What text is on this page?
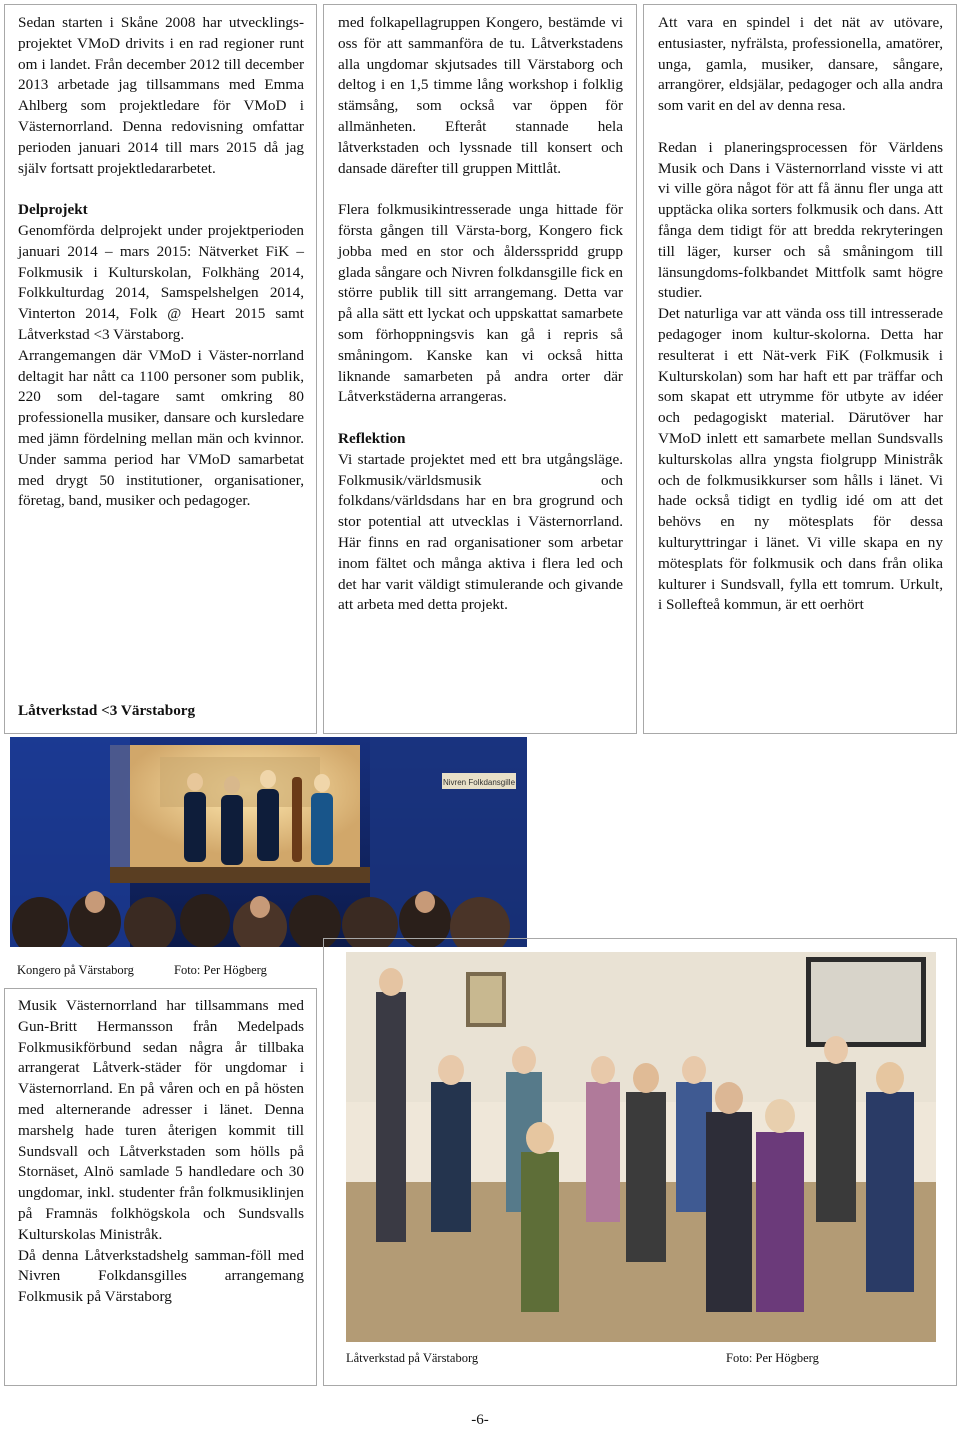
Sedan starten i Skåne 2008 har utvecklings-projektet VMoD drivits i en rad regioner runt om i landet. Från december 2012 till december 2013 arbetade jag tillsammans med Emma Ahlberg som projektledare för VMoD i Västernorrland. Denna redovisning omfattar perioden januari 2014 till mars 2015 då jag själv fortsatt projektledararbetet.

Delprojekt

Genomförda delprojekt under projektperioden januari 2014 – mars 2015: Nätverket FiK – Folkmusik i Kulturskolan, Folkhäng 2014, Folkkulturdag 2014, Samspelshelgen 2014, Vinterton 2014, Folk @ Heart 2015 samt Låtverkstad <3 Värstaborg.

Arrangemangen där VMoD i Väster-norrland deltagit har nått ca 1100 personer som publik, 220 som del-tagare samt omkring 80 professionella musiker, dansare och kursledare med jämn fördelning mellan män och kvinnor. Under samma period har VMoD samarbetat med drygt 50 institutioner, organisationer, företag, band, musiker och pedagoger.

Låtverkstad <3 Värstaborg

med folkapellagruppen Kongero, bestämde vi oss för att sammanföra de tu. Låtverkstadens alla ungdomar skjutsades till Värstaborg och deltog i en 1,5 timme lång workshop i folklig stämsång, som också var öppen för allmänheten. Efteråt stannade hela låtverkstaden och lyssnade till konsert och dansade därefter till gruppen Mittlåt.

Flera folkmusikintresserade unga hittade för första gången till Värsta-borg, Kongero fick jobba med en stor och åldersspridd grupp glada sångare och Nivren folkdansgille fick en större publik till sitt arrangemang. Detta var på alla sätt ett lyckat och uppskattat samarbete som förhoppningsvis kan gå i repris så småningom. Kanske kan vi också hitta liknande samarbeten på andra orter där Låtverkstäderna arrangeras.

Reflektion

Vi startade projektet med ett bra utgångsläge. Folkmusik/världsmusik och folkdans/världsdans har en bra grogrund och stor potential att utvecklas i Västernorrland. Här finns en rad organisationer som arbetar inom fältet och många aktiva i flera led och det har varit väldigt stimulerande och givande att arbeta med detta projekt.

Att vara en spindel i det nät av utövare, entusiaster, nyfrälsta, professionella, amatörer, unga, gamla, musiker, dansare, sångare, arrangörer, eldsjälar, pedagoger och alla andra som varit en del av denna resa.

Redan i planeringsprocessen för Världens Musik och Dans i Västernorrland visste vi att vi ville göra något för att få ännu fler unga att upptäcka olika sorters folkmusik och dans. Att fånga dem tidigt för att bredda rekryteringen till läger, kurser och så småningom till länsungdoms-folkbandet Mittfolk samt högre studier.

Det naturliga var att vända oss till intresserade pedagoger inom kultur-skolorna. Detta har resulterat i ett Nät-verk FiK (Folkmusik i Kulturskolan) som har haft ett par träffar och som skapat ett utrymme för utbyte av idéer och pedagogiskt material. Därutöver har VMoD inlett ett samarbete mellan Sundsvalls kulturskolas allra yngsta fiolgrupp Ministråk och de folkmusikkurser som hålls i länet. Vi hade också tidigt en tydlig idé om att det behövs en ny mötesplats för dessa kulturyttringar i länet. Vi ville skapa en ny mötesplats för folkmusik och dans från olika kulturer i Sundsvall, fylla ett tomrum. Urkult, i Sollefteå kommun, är ett oerhört

Nivren Folkdansgille
Kongero på Värstaborg	Foto: Per Högberg

Musik Västernorrland har tillsammans med Gun-Britt Hermansson från Medelpads Folkmusikförbund sedan några år tillbaka arrangerat Låtverk-städer för ungdomar i Västernorrland. En på våren och en på hösten med alternerande adresser i länet. Denna marshelg hade turen återigen kommit till Sundsvall och Låtverkstaden som hölls på Stornäset, Alnö samlade 5 handledare och 30 ungdomar, inkl. studenter från folkmusiklinjen på Framnäs folkhögskola och Sundsvalls Kulturskolas Ministråk.

Då denna Låtverkstadshelg samman-föll med Nivren Folkdansgilles arrangemang Folkmusik på Värstaborg

Låtverkstad på Värstaborg	Foto: Per Högberg
-6-
